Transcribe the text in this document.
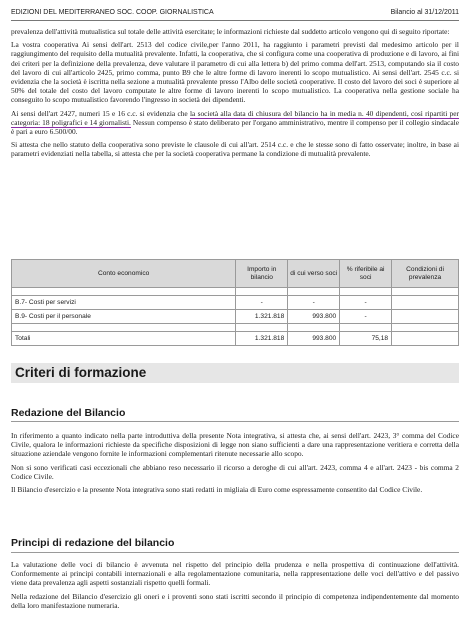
EDIZIONI DEL MEDITERRANEO SOC. COOP. GIORNALISTICA	Bilancio al 31/12/2011

prevalenza dell'attività mutualistica sul totale delle attività esercitate; le informazioni richieste dal suddetto articolo vengono qui di seguito riportate:

La vostra cooperativa Ai sensi dell'art. 2513 del codice civile,per l'anno 2011, ha raggiunto i parametri previsti dal medesimo articolo per il raggiungimento del requisito della mutualità prevalente. Infatti, la cooperativa, che si configura come una cooperativa di produzione e di lavoro, ai fini dei criteri per la definizione della prevalenza, deve valutare il parametro di cui alla lettera b) del primo comma dell'art. 2513, computando sia il costo del lavoro di cui all'articolo 2425, primo comma, punto B9 che le altre forme di lavoro inerenti lo scopo mutualistico. Ai sensi dell'art. 2545 c.c. si evidenzia che la società è iscritta nella sezione a mutualità prevalente presso l'Albo delle società cooperative. Il costo del lavoro dei soci è superiore al 50% del totale del costo del lavoro computate le altre forme di lavoro inerenti lo scopo mutualistico. La cooperativa nella gestione sociale ha conseguito lo scopo mutualistico favorendo l'ingresso in società dei dipendenti.

Ai sensi dell'art 2427, numeri 15 e 16 c.c. si evidenzia che la società alla data di chiusura del bilancio ha in media n. 40 dipendenti, così ripartiti per categoria: 18 poligrafici e 14 giornalisti. Nessun compenso è stato deliberato per l'organo amministrativo, mentre il compenso per il collegio sindacale è pari a euro 6.500/00.

Si attesta che nello statuto della cooperativa sono previste le clausole di cui all'art. 2514 c.c. e che le stesse sono di fatto osservate; inoltre, in base ai parametri evidenziati nella tabella, si attesta che per la società cooperativa permane la condizione di mutualità prevalente.

Conto economico	Importo in bilancio	di cui verso soci	% riferibile ai soci	Condizioni di prevalenza

B.7- Costi per servizi	-	-	-	
B.9- Costi per il personale	1.321.818	993.800	-	

Totali	1.321.818	993.800	75,18	
Criteri di formazione
Redazione del Bilancio

In riferimento a quanto indicato nella parte introduttiva della presente Nota integrativa, si attesta che, ai sensi dell'art. 2423, 3° comma del Codice Civile, qualora le informazioni richieste da specifiche disposizioni di legge non siano sufficienti a dare una rappresentazione veritiera e corretta della situazione aziendale vengono fornite le informazioni complementari ritenute necessarie allo scopo.

Non si sono verificati casi eccezionali che abbiano reso necessario il ricorso a deroghe di cui all'art. 2423, comma 4 e all'art. 2423 - bis comma 2 Codice Civile.

Il Bilancio d'esercizio e la presente Nota integrativa sono stati redatti in migliaia di Euro come espressamente consentito dal Codice Civile.

Principi di redazione del bilancio

La valutazione delle voci di bilancio è avvenuta nel rispetto del principio della prudenza e nella prospettiva di continuazione dell'attività. Conformemente ai principi contabili internazionali e alla regolamentazione comunitaria, nella rappresentazione delle voci dell'attivo e del passivo viene data prevalenza agli aspetti sostanziali rispetto quelli formali.

Nella redazione del Bilancio d'esercizio gli oneri e i proventi sono stati iscritti secondo il principio di competenza indipendentemente dal momento della loro manifestazione numeraria.
